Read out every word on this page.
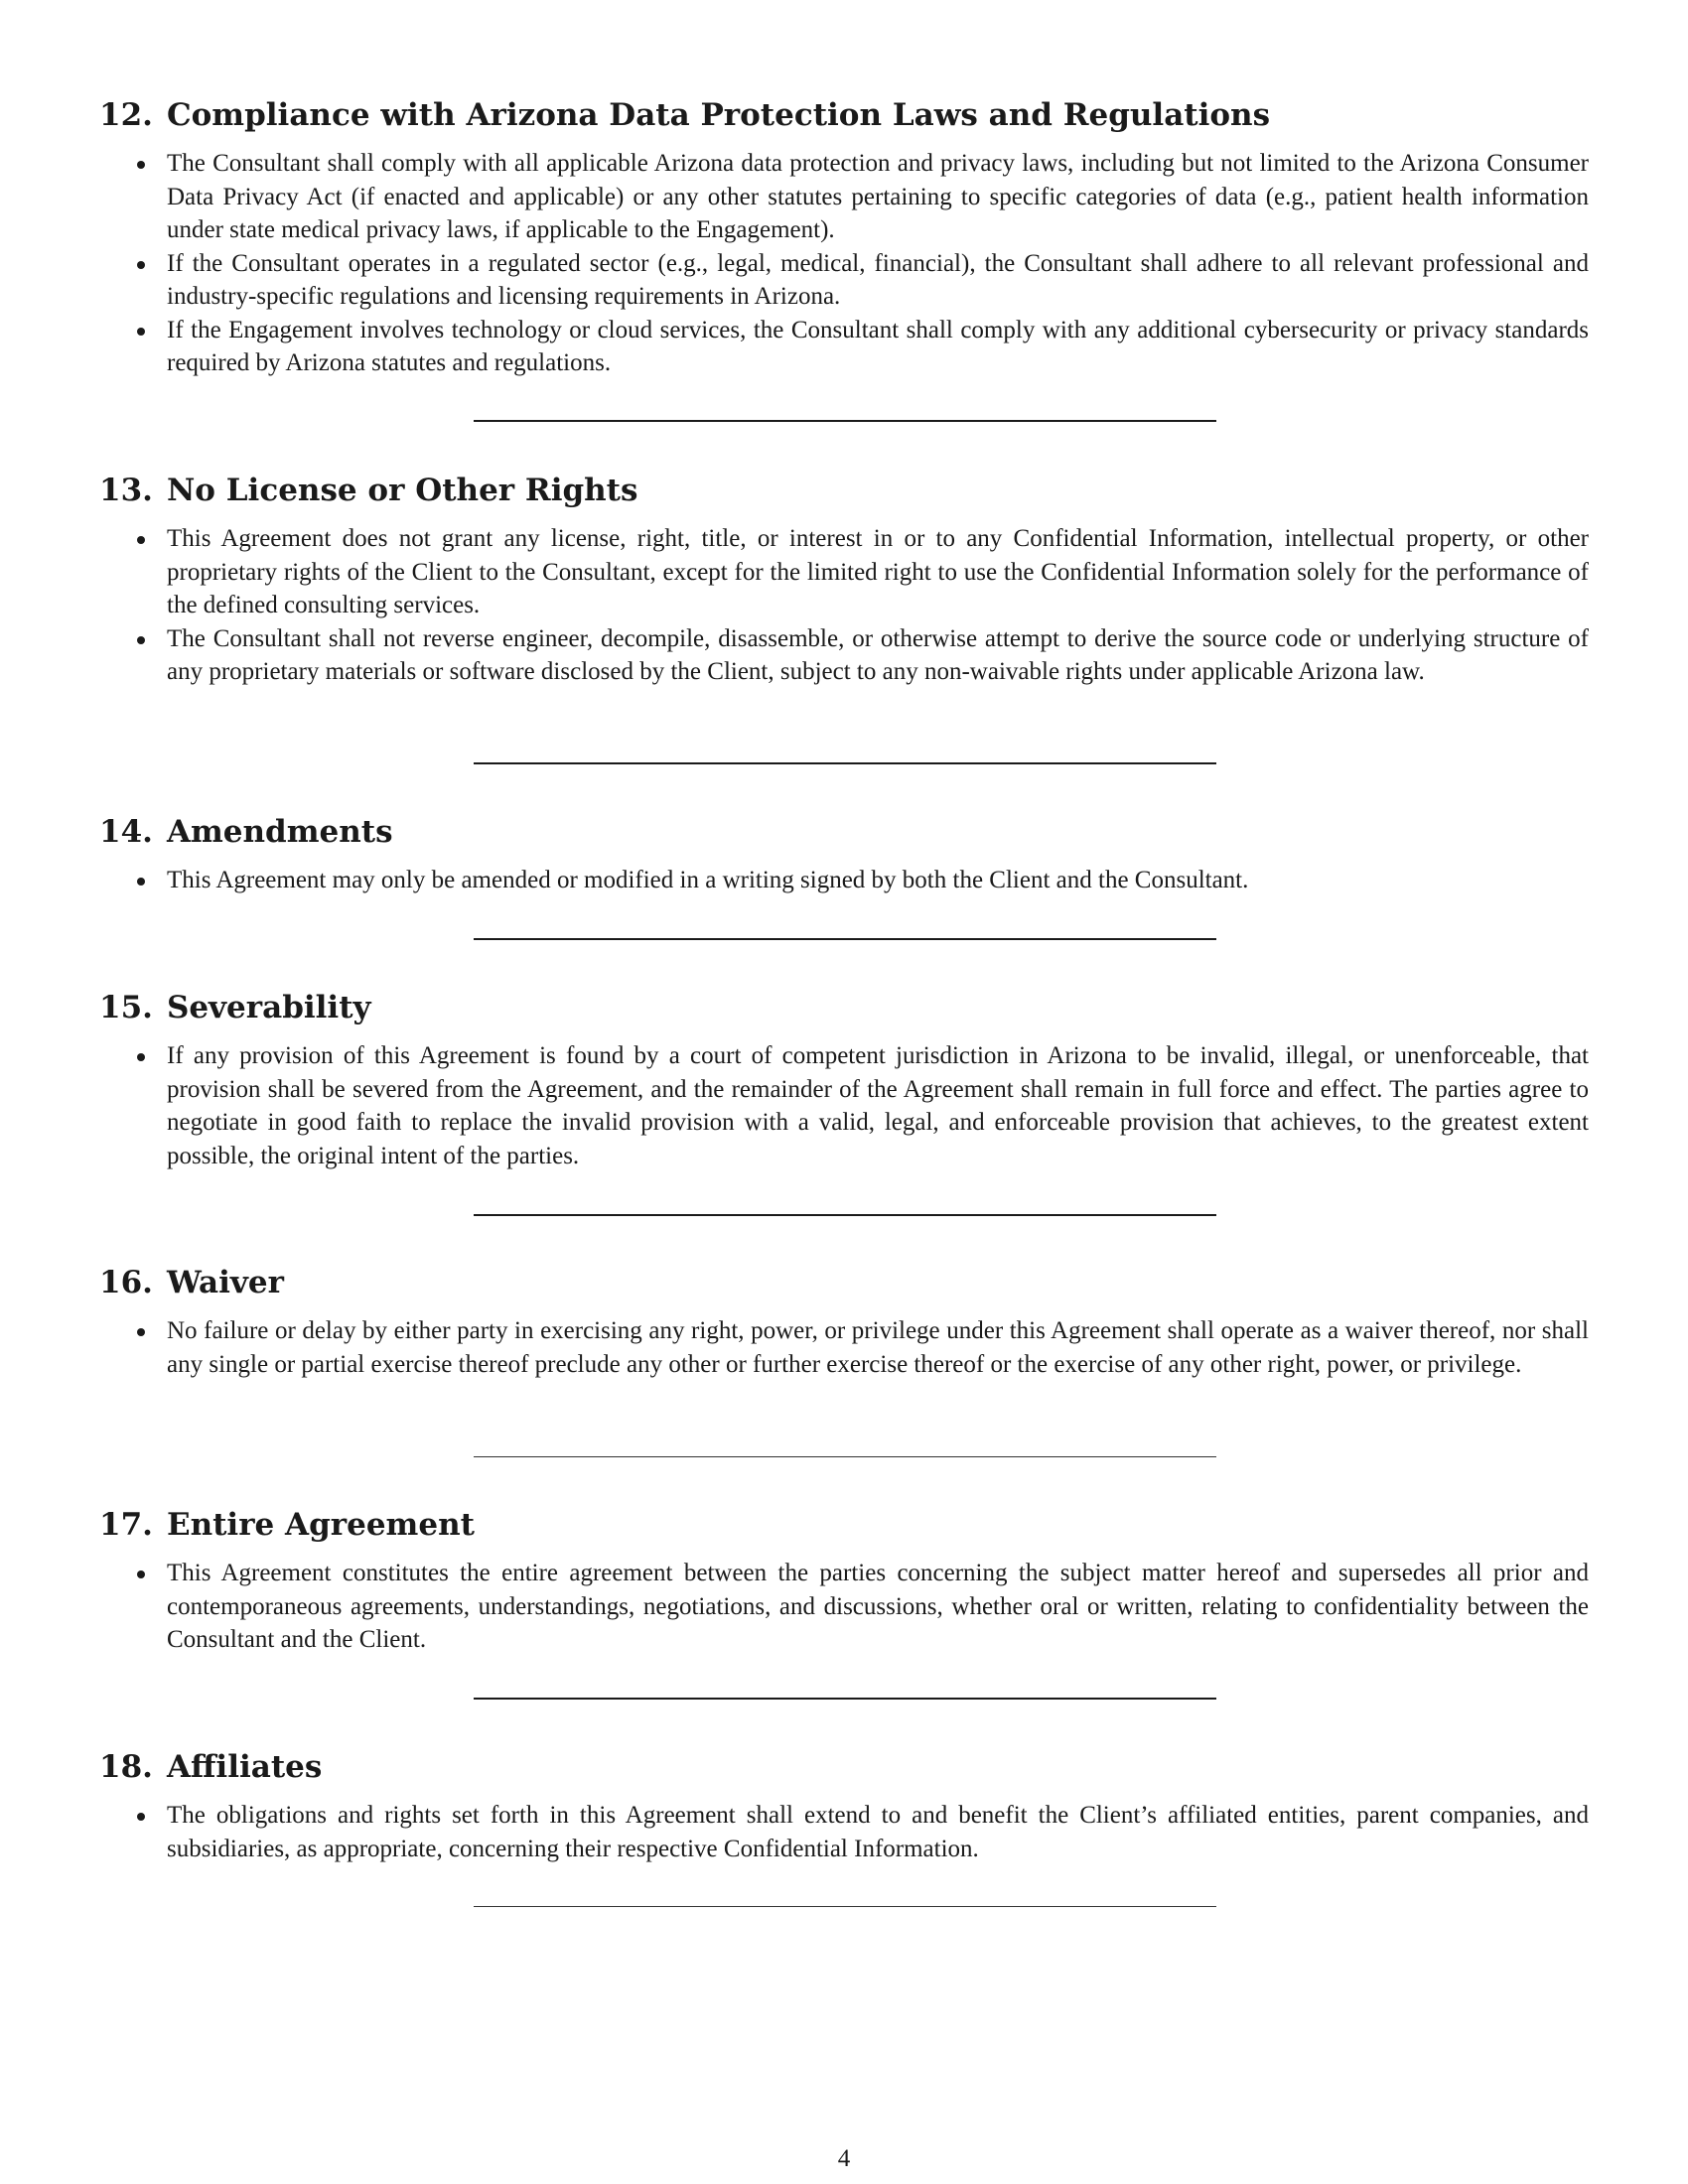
12. Compliance with Arizona Data Protection Laws and Regulations
The Consultant shall comply with all applicable Arizona data protection and privacy laws, including but not limited to the Arizona Consumer Data Privacy Act (if enacted and applicable) or any other statutes pertaining to specific categories of data (e.g., patient health information under state medical privacy laws, if applicable to the Engagement).
If the Consultant operates in a regulated sector (e.g., legal, medical, financial), the Consultant shall adhere to all relevant professional and industry-specific regulations and licensing requirements in Arizona.
If the Engagement involves technology or cloud services, the Consultant shall comply with any additional cybersecurity or privacy standards required by Arizona statutes and regulations.
13. No License or Other Rights
This Agreement does not grant any license, right, title, or interest in or to any Confidential Information, intellectual property, or other proprietary rights of the Client to the Consultant, except for the limited right to use the Confidential Information solely for the performance of the defined consulting services.
The Consultant shall not reverse engineer, decompile, disassemble, or otherwise attempt to derive the source code or underlying structure of any proprietary materials or software disclosed by the Client, subject to any non-waivable rights under applicable Arizona law.
14. Amendments
This Agreement may only be amended or modified in a writing signed by both the Client and the Consultant.
15. Severability
If any provision of this Agreement is found by a court of competent jurisdiction in Arizona to be invalid, illegal, or unenforceable, that provision shall be severed from the Agreement, and the remainder of the Agreement shall remain in full force and effect. The parties agree to negotiate in good faith to replace the invalid provision with a valid, legal, and enforceable provision that achieves, to the greatest extent possible, the original intent of the parties.
16. Waiver
No failure or delay by either party in exercising any right, power, or privilege under this Agreement shall operate as a waiver thereof, nor shall any single or partial exercise thereof preclude any other or further exercise thereof or the exercise of any other right, power, or privilege.
17. Entire Agreement
This Agreement constitutes the entire agreement between the parties concerning the subject matter hereof and supersedes all prior and contemporaneous agreements, understandings, negotiations, and discussions, whether oral or written, relating to confidentiality between the Consultant and the Client.
18. Affiliates
The obligations and rights set forth in this Agreement shall extend to and benefit the Client’s affiliated entities, parent companies, and subsidiaries, as appropriate, concerning their respective Confidential Information.
4
